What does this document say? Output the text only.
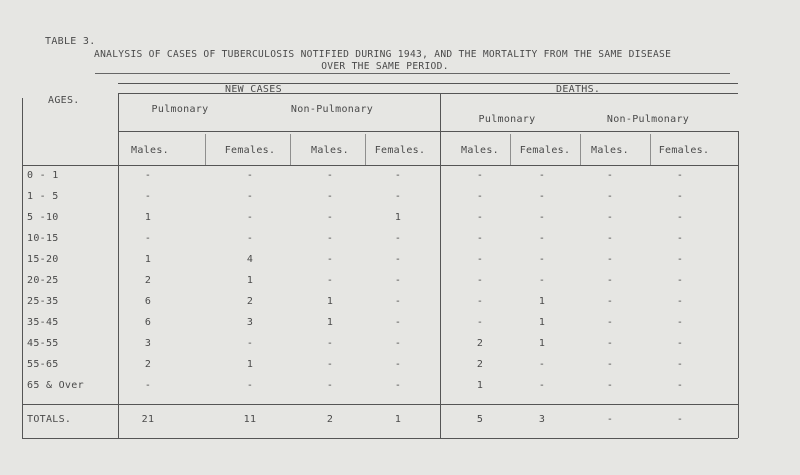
TABLE 3.
ANALYSIS OF CASES OF TUBERCULOSIS NOTIFIED DURING 1943, AND THE MORTALITY FROM THE SAME DISEASE
OVER THE SAME PERIOD.
AGES.
NEW CASES	DEATHS.
Pulmonary	Non-Pulmonary
Pulmonary	Non-Pulmonary
Males.	Females.	Males.	Females.	Males. Females. Males.	Females.
0 - 1	-	-	-	-	-	-	-	-
1 - 5	-	-	-	-	-	-	-	-
5 -10	1	-	-	1	-	-	-	-
10-15	-	-	-	-	-	-	-	-
15-20	1	4	-	-	-	-	-	-
20-25	2	1	-	-	-	-	-	-
25-35	6	2	1	-	-	1	-	-
35-45	6	3	1	-	-	1	-	-
45-55	3	-	-	-	2	1	-	-
55-65	2	1	-	-	2	-	-	-
65 & Over	-	-	-	-	1	-	-	-
TOTALS.	21	11	2	1	5	3	-	-
